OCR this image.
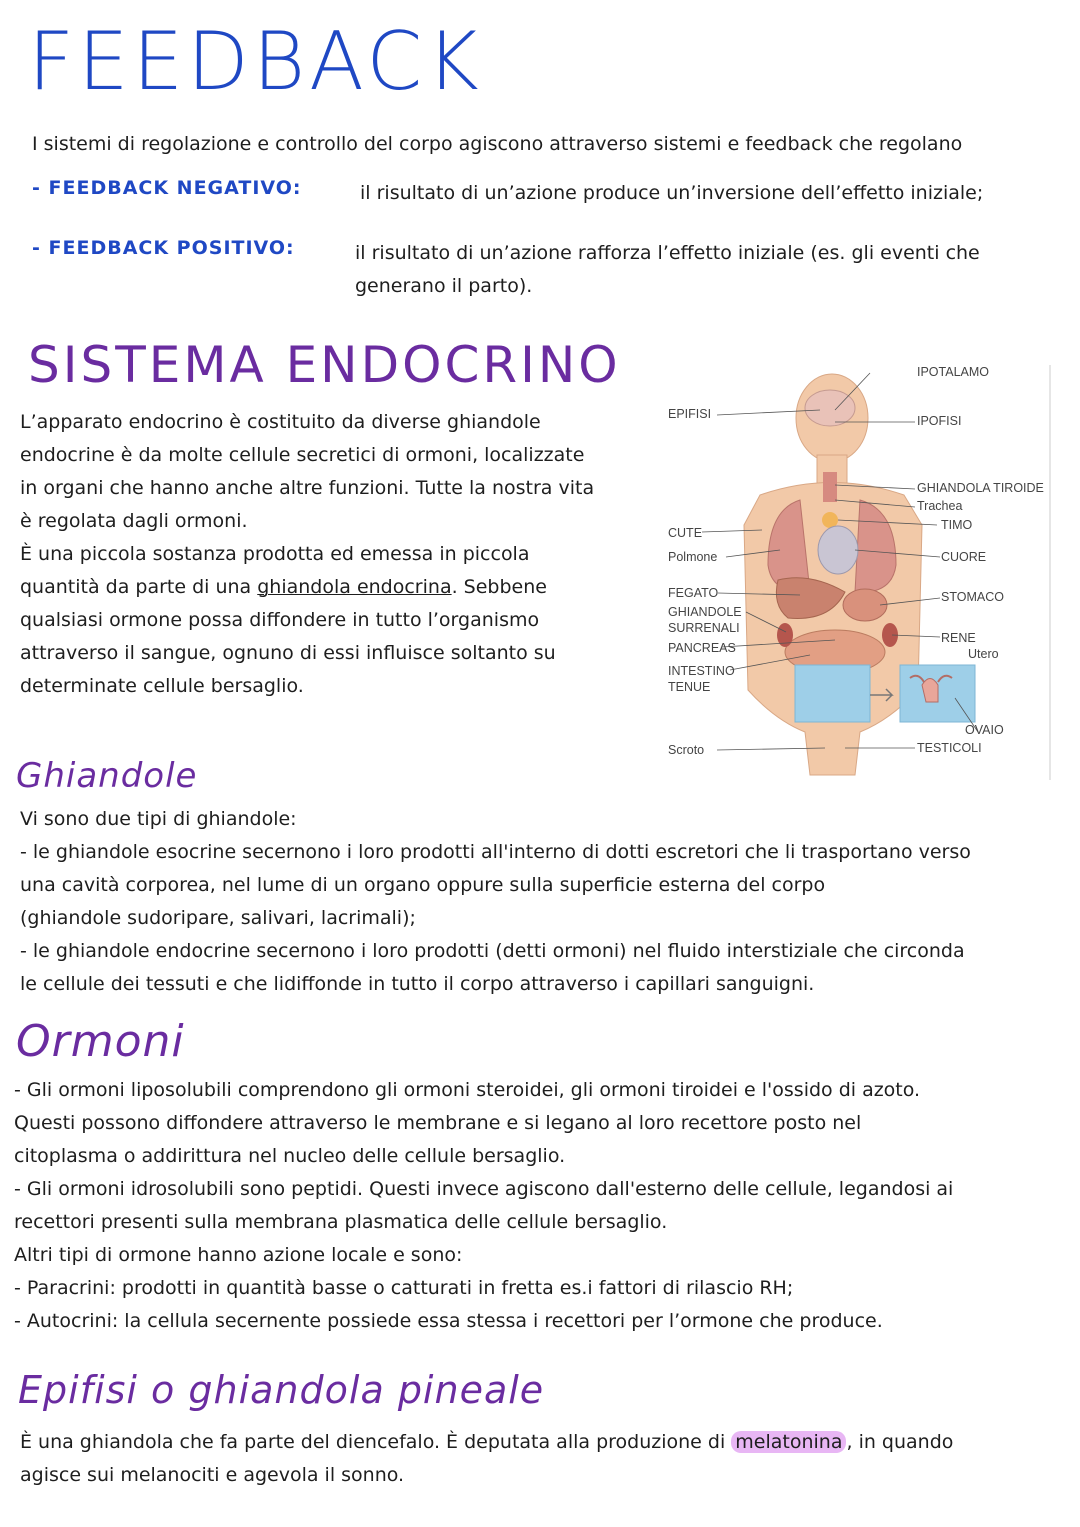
FEEDBACK

I sistemi di regolazione e controllo del corpo agiscono attraverso sistemi e feedback che regolano

- FEEDBACK NEGATIVO:	il risultato di un’azione produce un’inversione dell’effetto iniziale;

- FEEDBACK POSITIVO:	il risultato di un’azione rafforza l’effetto iniziale (es. gli eventi che

generano il parto).

SISTEMA ENDOCRINO

L’apparato endocrino è costituito da diverse ghiandole

endocrine è da molte cellule secretici di ormoni, localizzate

in organi che hanno anche altre funzioni. Tutte la nostra vita

è regolata dagli ormoni.

È una piccola sostanza prodotta ed emessa in piccola

quantità da parte di una ghiandola endocrina. Sebbene

qualsiasi ormone possa diffondere in tutto l’organismo

attraverso il sangue, ognuno di essi influisce soltanto su

determinate cellule bersaglio.

IPOTALAMO
EPIFISI	IPOFISI
GHIANDOLA TIROIDE
Trachea
TIMO
CUTE
Polmone	CUORE
FEGATO	STOMACO
GHIANDOLE
SURRENALI
PANCREAS
RENE
Utero
INTESTINO
TENUE
OVAIO
Scroto	TESTICOLI
Ghiandole

Vi sono due tipi di ghiandole:

- le ghiandole esocrine secernono i loro prodotti all'interno di dotti escretori che li trasportano verso

una cavità corporea, nel lume di un organo oppure sulla superficie esterna del corpo

(ghiandole sudoripare, salivari, lacrimali);

- le ghiandole endocrine secernono i loro prodotti (detti ormoni) nel fluido interstiziale che circonda

le cellule dei tessuti e che lidiffonde in tutto il corpo attraverso i capillari sanguigni.

Ormoni

- Gli ormoni liposolubili comprendono gli ormoni steroidei, gli ormoni tiroidei e l'ossido di azoto.

Questi possono diffondere attraverso le membrane e si legano al loro recettore posto nel

citoplasma o addirittura nel nucleo delle cellule bersaglio.

- Gli ormoni idrosolubili sono peptidi. Questi invece agiscono dall'esterno delle cellule, legandosi ai

recettori presenti sulla membrana plasmatica delle cellule bersaglio.

Altri tipi di ormone hanno azione locale e sono:

- Paracrini: prodotti in quantità basse o catturati in fretta es.i fattori di rilascio RH;

- Autocrini: la cellula secernente possiede essa stessa i recettori per l’ormone che produce.

Epifisi o ghiandola pineale

È una ghiandola che fa parte del diencefalo. È deputata alla produzione di melatonina , in quando

agisce sui melanociti e agevola il sonno.
